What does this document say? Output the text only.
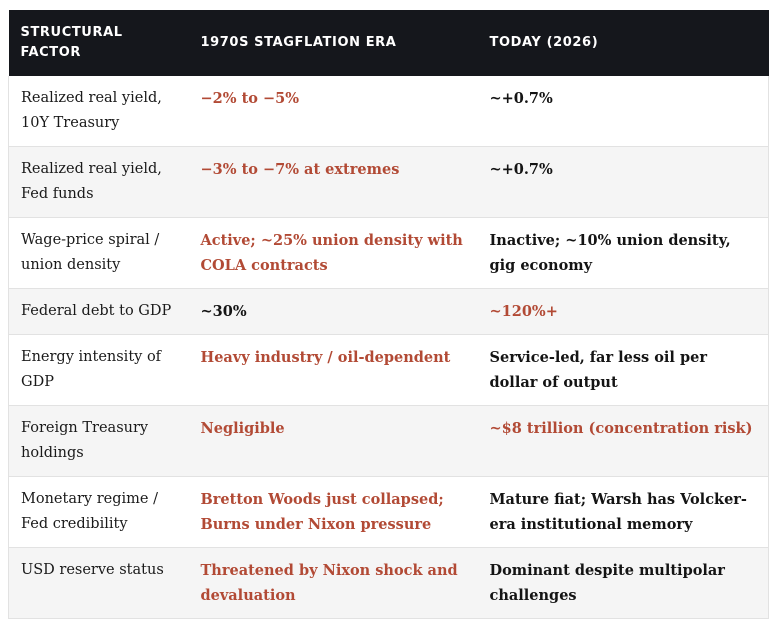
STRUCTURAL FACTOR	1970S STAGFLATION ERA	TODAY (2026)
Realized real yield, 10Y Treasury	−2% to −5%	~+0.7%
Realized real yield, Fed funds	−3% to −7% at extremes	~+0.7%
Wage-price spiral / union density	Active; ~25% union density with COLA contracts	Inactive; ~10% union density, gig economy
Federal debt to GDP	~30%	~120%+
Energy intensity of GDP	Heavy industry / oil-dependent	Service-led, far less oil per dollar of output
Foreign Treasury holdings	Negligible	~$8 trillion (concentration risk)
Monetary regime / Fed credibility	Bretton Woods just collapsed; Burns under Nixon pressure	Mature fiat; Warsh has Volcker-era institutional memory
USD reserve status	Threatened by Nixon shock and devaluation	Dominant despite multipolar challenges
